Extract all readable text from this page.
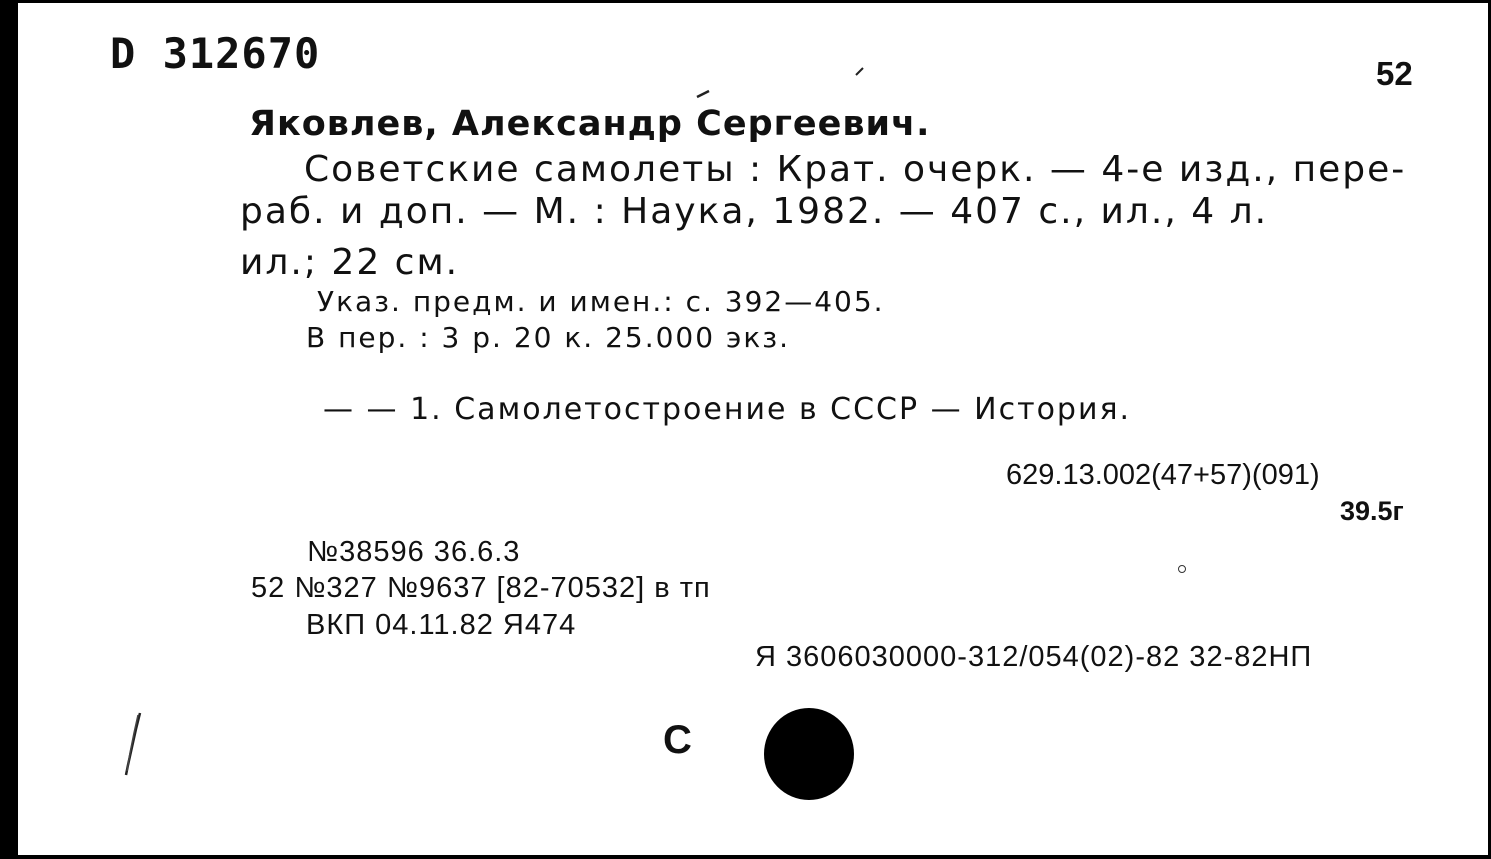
D 312670	52
Яковлев, Александр Сергеевич.
Советские самолеты : Крат. очерк. — 4-е изд., пере-
раб. и доп. — М. : Наука, 1982. — 407 с., ил., 4 л.
ил.; 22 см.
Указ. предм. и имен.: с. 392—405.
В пер. : 3 р. 20 к. 25.000 экз.
— — 1. Самолетостроение в СССР — История.
629.13.002(47+57)(091)
39.5г
№38596 36.6.3
52 №327 №9637 [82-70532] в тп
ВКП 04.11.82 Я474
Я 3606030000-312/054(02)-82 32-82НП
С
